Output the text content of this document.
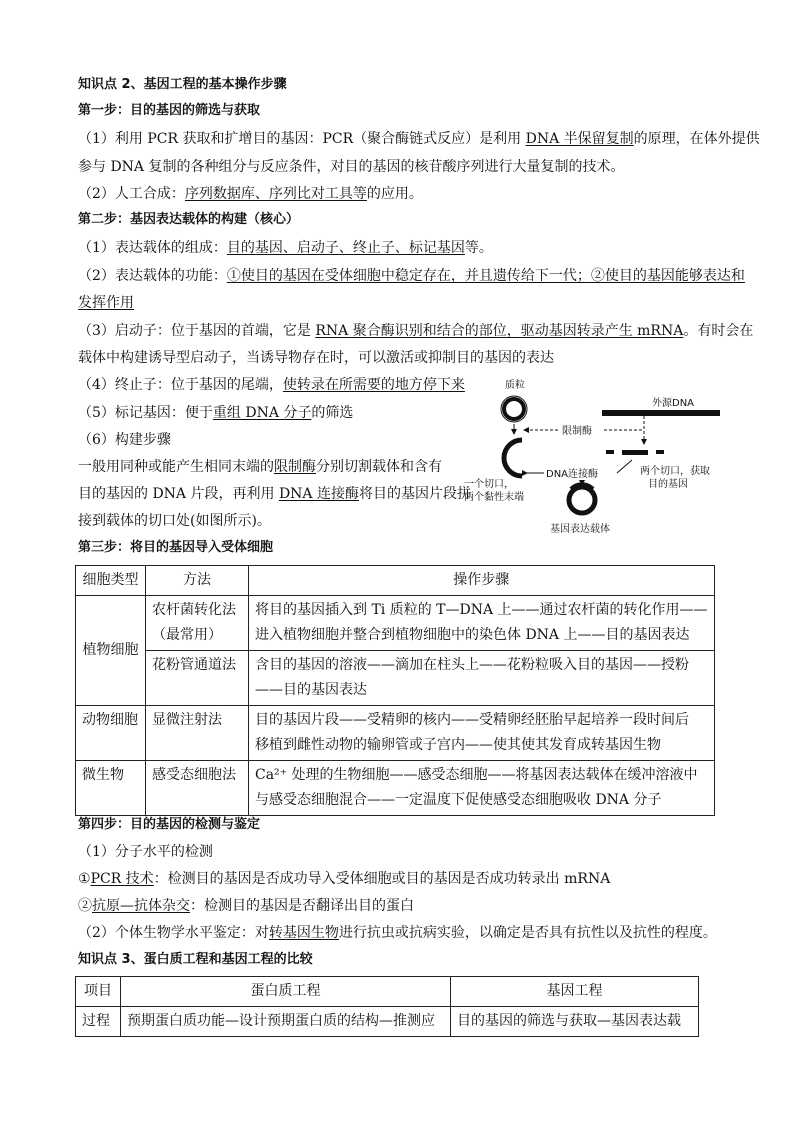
知识点 2、基因工程的基本操作步骤
第一步：目的基因的筛选与获取
（1）利用 PCR 获取和扩增目的基因：PCR（聚合酶链式反应）是利用 DNA 半保留复制的原理，在体外提供
参与 DNA 复制的各种组分与反应条件，对目的基因的核苷酸序列进行大量复制的技术。
（2）人工合成：序列数据库、序列比对工具等的应用。
第二步：基因表达载体的构建（核心）
（1）表达载体的组成：目的基因、启动子、终止子、标记基因等。
（2）表达载体的功能：①使目的基因在受体细胞中稳定存在，并且遗传给下一代；②使目的基因能够表达和
发挥作用
（3）启动子：位于基因的首端，它是 RNA 聚合酶识别和结合的部位，驱动基因转录产生 mRNA。有时会在
载体中构建诱导型启动子，当诱导物存在时，可以激活或抑制目的基因的表达
（4）终止子：位于基因的尾端，使转录在所需要的地方停下来
（5）标记基因：便于重组 DNA 分子的筛选
（6）构建步骤
一般用同种或能产生相同末端的限制酶分别切割载体和含有
目的基因的 DNA 片段，再利用 DNA 连接酶将目的基因片段拼
接到载体的切口处(如图所示)。
质粒
外源DNA
限制酶
DNA连接酶
一个切口，
两个黏性末端
两个切口，获取
目的基因
基因表达载体
第三步：将目的基因导入受体细胞
细胞类型	方法	操作步骤
植物细胞	农杆菌转化法
（最常用）	将目的基因插入到 Ti 质粒的 T—DNA 上——通过农杆菌的转化作用——
进入植物细胞并整合到植物细胞中的染色体 DNA 上——目的基因表达
	花粉管通道法	含目的基因的溶液——滴加在柱头上——花粉粒吸入目的基因——授粉
——目的基因表达
动物细胞	显微注射法	目的基因片段——受精卵的核内——受精卵经胚胎早起培养一段时间后
移植到雌性动物的输卵管或子宫内——使其使其发育成转基因生物
微生物	感受态细胞法	Ca²⁺ 处理的生物细胞——感受态细胞——将基因表达载体在缓冲溶液中
与感受态细胞混合——一定温度下促使感受态细胞吸收 DNA 分子
第四步：目的基因的检测与鉴定
（1）分子水平的检测
①PCR 技术：检测目的基因是否成功导入受体细胞或目的基因是否成功转录出 mRNA
②抗原—抗体杂交：检测目的基因是否翻译出目的蛋白
（2）个体生物学水平鉴定：对转基因生物进行抗虫或抗病实验，以确定是否具有抗性以及抗性的程度。
知识点 3、蛋白质工程和基因工程的比较
项目	蛋白质工程	基因工程
过程	预期蛋白质功能—设计预期蛋白质的结构—推测应	目的基因的筛选与获取—基因表达载
